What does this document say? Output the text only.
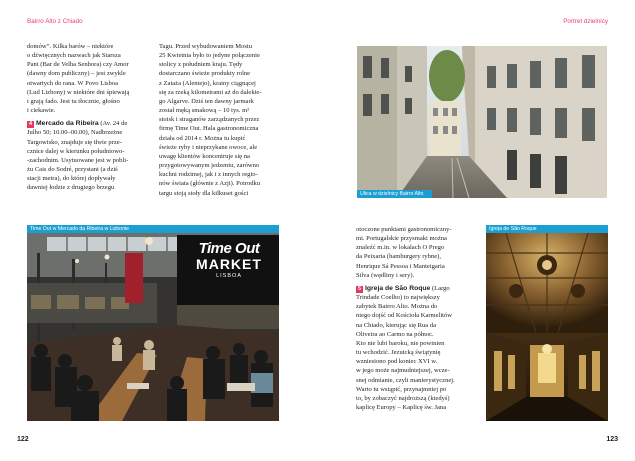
Bairro Alto z Chiado	Portret dzielnicy

domów”. Kilka barów – niektóre

o dźwięcznych nazwach jak Starsza

Pani (Bar de Velha Senhora) czy Amor

(dawny dom publiczny) – jest zwykle

otwartych do rana. W Povo Lisboa

(Lud Lizbony) w niektóre dni śpiewają

i grają fado. Jest tu tłocznie, głośno

i ciekawie.

4 Mercado da Ribeira (Av. 24 de

Julho 50; 10.00–00.00), Nadbrzeżne

Targowisko, znajduje się tłwie prze-

cznice dalej w kierunku południowo-

-zachodnim. Usytuowane jest w pobli-

żu Cais do Sodré, przystani (a dziś

stacji metra), do której dopływały

dawniej łodzie z drugiego brzegu

Tagu. Przed wybudowaniem Mostu

25 Kwietnia było to jedyne połączenie

stolicy z południem kraju. Tędy

dostarczano świeże produkty rolne

z Zataża (Alentejo), krainy ciągnącej

się za rzeką kilometrami aż do dalekie-

go Algarve. Dziś ten dawny jarmark

został męką smakową – 10 tys. m²

stoisk i straganów zarządzanych przez

firmę Time Out. Hala gastronomiczna

działa od 2014 r. Można tu kupić

świeże ryby i nieprzykane owoce, ale

uwagę klientów koncentruje się na

przygotowywanym jedzeniu, zarówno

kuchni rodzimej, jak i z innych regio-

nów świata (głównie z Azji). Poirodku

targu stoją stoły dla kilkuset gości	Ulica w dzielnicy Bairro Alto
Time Out w Mercado da Ribeira w Lizbonie
Time Out
MARKET
LISBOA

otoczone punktami gastronomiczny-

mi. Portugalskie przysmaki można

znaleźć m.in. w lokalach O Prego

da Peixaria (hamburgery rybne),

Henrique Sá Pessoa i Manteigaria

Silva (wędliny i sery).

5 Igreja de São Roque (Largo

Trindade Coelho) to największy

zabytek Bairro Alto. Można do

niego dojść od Kościoła Karmelitów

na Chiado, kierując się Rua da

Oliveira ao Carmo na północ.

Kto nie lubi baroku, nie powinien

tu wchodzić. Jezuicką świątynię

wzniesiono pod koniec XVI w.

w jego może najmudniejszej, wcze-

snej odmianie, czyli manierystycznej.

Warto tu wstąpić, przynajmniej po

to, by zobaczyć najdroższą (kiedyś)

kaplicę Europy – Kaplicę św. Jana

Igreja de São Roque
122	123
